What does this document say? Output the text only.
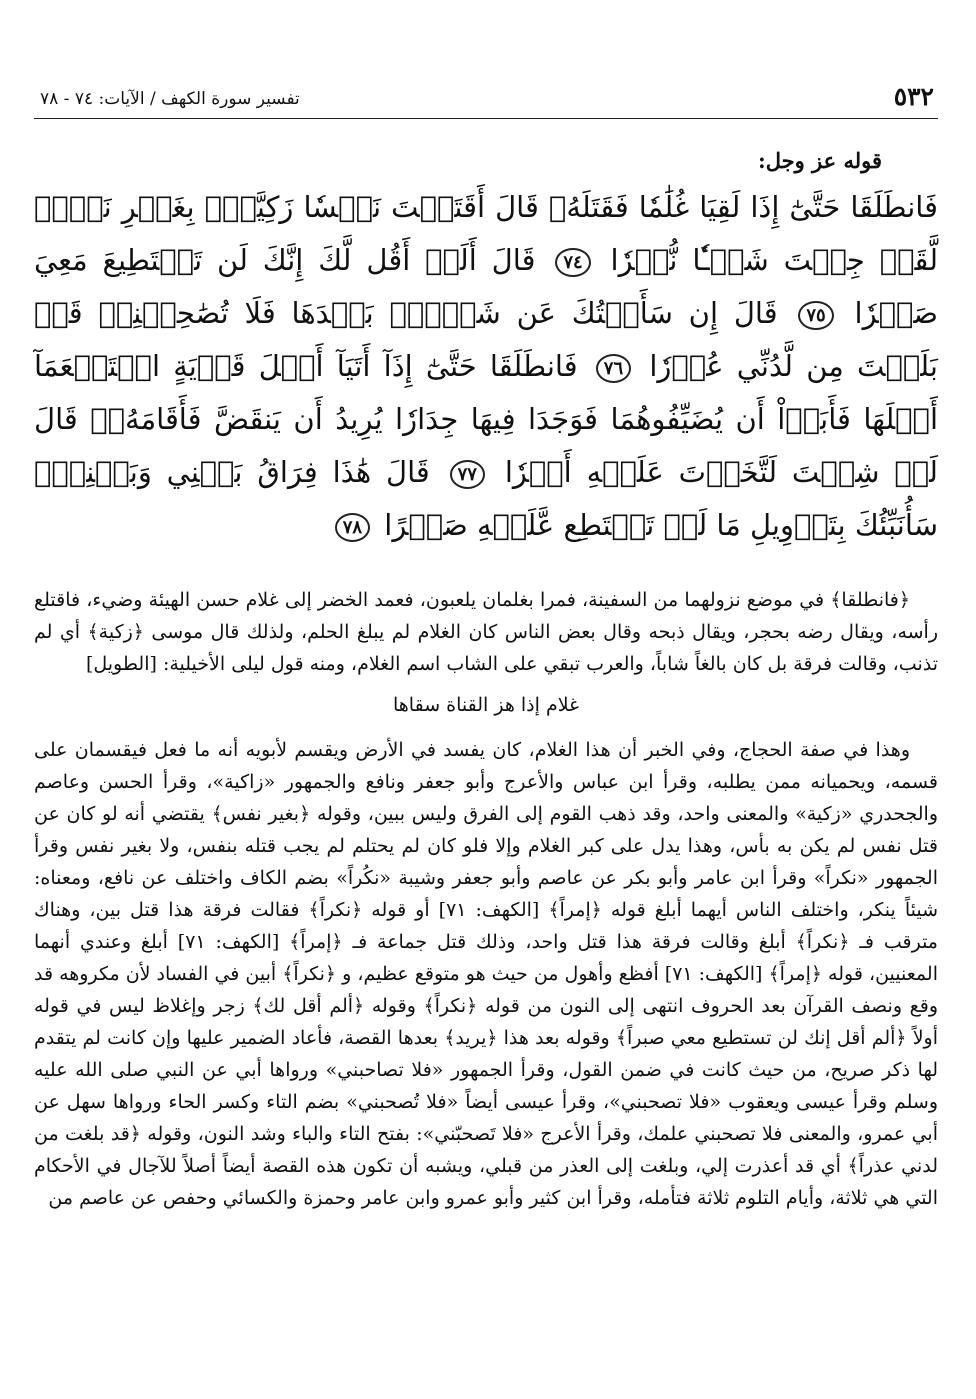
٥٣٢
تفسير سورة الكهف / الآيات: ٧٤ - ٧٨
قوله عز وجل:
فَانطَلَقَا حَتَّىٰٓ إِذَا لَقِيَا غُلَٰمٗا فَقَتَلَهُۥ قَالَ أَقَتَلۡتَ نَفۡسٗا زَكِيَّةَۢ بِغَيۡرِ نَفۡسٖ لَّقَدۡ جِئۡتَ شَيۡـٔٗا نُّكۡرٗا ٧٤ قَالَ أَلَمۡ أَقُل لَّكَ إِنَّكَ لَن تَسۡتَطِيعَ مَعِيَ صَبۡرٗا ٧٥ قَالَ إِن سَأَلۡتُكَ عَن شَيۡءِۭ بَعۡدَهَا فَلَا تُصَٰحِبۡنِيۖ قَدۡ بَلَغۡتَ مِن لَّدُنِّي عُذۡرٗا ٧٦ فَانطَلَقَا حَتَّىٰٓ إِذَآ أَتَيَآ أَهۡلَ قَرۡيَةٍ اسۡتَطۡعَمَآ أَهۡلَهَا فَأَبَوۡاْ أَن يُضَيِّفُوهُمَا فَوَجَدَا فِيهَا جِدَارٗا يُرِيدُ أَن يَنقَضَّ فَأَقَامَهُۥۖ قَالَ لَوۡ شِئۡتَ لَتَّخَذۡتَ عَلَيۡهِ أَجۡرٗا ٧٧ قَالَ هَٰذَا فِرَاقُ بَيۡنِي وَبَيۡنِكَۚ سَأُنَبِّئُكَ بِتَأۡوِيلِ مَا لَمۡ تَسۡتَطِع عَّلَيۡهِ صَبۡرًا ٧٨

﴿فانطلقا﴾ في موضع نزولهما من السفينة، فمرا بغلمان يلعبون، فعمد الخضر إلى غلام حسن الهيئة وضيء، فاقتلع رأسه، ويقال رضه بحجر، ويقال ذبحه وقال بعض الناس كان الغلام لم يبلغ الحلم، ولذلك قال موسى ﴿زكية﴾ أي لم تذنب، وقالت فرقة بل كان بالغاً شاباً، والعرب تبقي على الشاب اسم الغلام، ومنه قول ليلى الأخيلية: [الطويل]

غلام إذا هز القناة سقاها

وهذا في صفة الحجاج، وفي الخبر أن هذا الغلام، كان يفسد في الأرض ويقسم لأبويه أنه ما فعل فيقسمان على قسمه، ويحميانه ممن يطلبه، وقرأ ابن عباس والأعرج وأبو جعفر ونافع والجمهور «زاكية»، وقرأ الحسن وعاصم والجحدري «زكية» والمعنى واحد، وقد ذهب القوم إلى الفرق وليس ببين، وقوله ﴿بغير نفس﴾ يقتضي أنه لو كان عن قتل نفس لم يكن به بأس، وهذا يدل على كبر الغلام وإلا فلو كان لم يحتلم لم يجب قتله بنفس، ولا بغير نفس وقرأ الجمهور «نكراً» وقرأ ابن عامر وأبو بكر عن عاصم وأبو جعفر وشيبة «نكُراً» بضم الكاف واختلف عن نافع، ومعناه: شيئاً ينكر، واختلف الناس أيهما أبلغ قوله ﴿إمراً﴾ [الكهف: ٧١] أو قوله ﴿نكراً﴾ فقالت فرقة هذا قتل بين، وهناك مترقب فـ ﴿نكراً﴾ أبلغ وقالت فرقة هذا قتل واحد، وذلك قتل جماعة فـ ﴿إمراً﴾ [الكهف: ٧١] أبلغ وعندي أنهما المعنيين، قوله ﴿إمراً﴾ [الكهف: ٧١] أفظع وأهول من حيث هو متوقع عظيم، و ﴿نكراً﴾ أبين في الفساد لأن مكروهه قد وقع ونصف القرآن بعد الحروف انتهى إلى النون من قوله ﴿نكراً﴾ وقوله ﴿ألم أقل لك﴾ زجر وإغلاظ ليس في قوله أولاً ﴿ألم أقل إنك لن تستطيع معي صبراً﴾ وقوله بعد هذا ﴿يريد﴾ بعدها القصة، فأعاد الضمير عليها وإن كانت لم يتقدم لها ذكر صريح، من حيث كانت في ضمن القول، وقرأ الجمهور «فلا تصاحبني» ورواها أبي عن النبي صلى الله عليه وسلم وقرأ عيسى ويعقوب «فلا تصحبني»، وقرأ عيسى أيضاً «فلا تُصحبني» بضم التاء وكسر الحاء ورواها سهل عن أبي عمرو، والمعنى فلا تصحبني علمك، وقرأ الأعرج «فلا تَصحبّني»: بفتح التاء والباء وشد النون، وقوله ﴿قد بلغت من لدني عذراً﴾ أي قد أعذرت إلي، وبلغت إلى العذر من قبلي، ويشبه أن تكون هذه القصة أيضاً أصلاً للآجال في الأحكام التي هي ثلاثة، وأيام التلوم ثلاثة فتأمله، وقرأ ابن كثير وأبو عمرو وابن عامر وحمزة والكسائي وحفص عن عاصم من
